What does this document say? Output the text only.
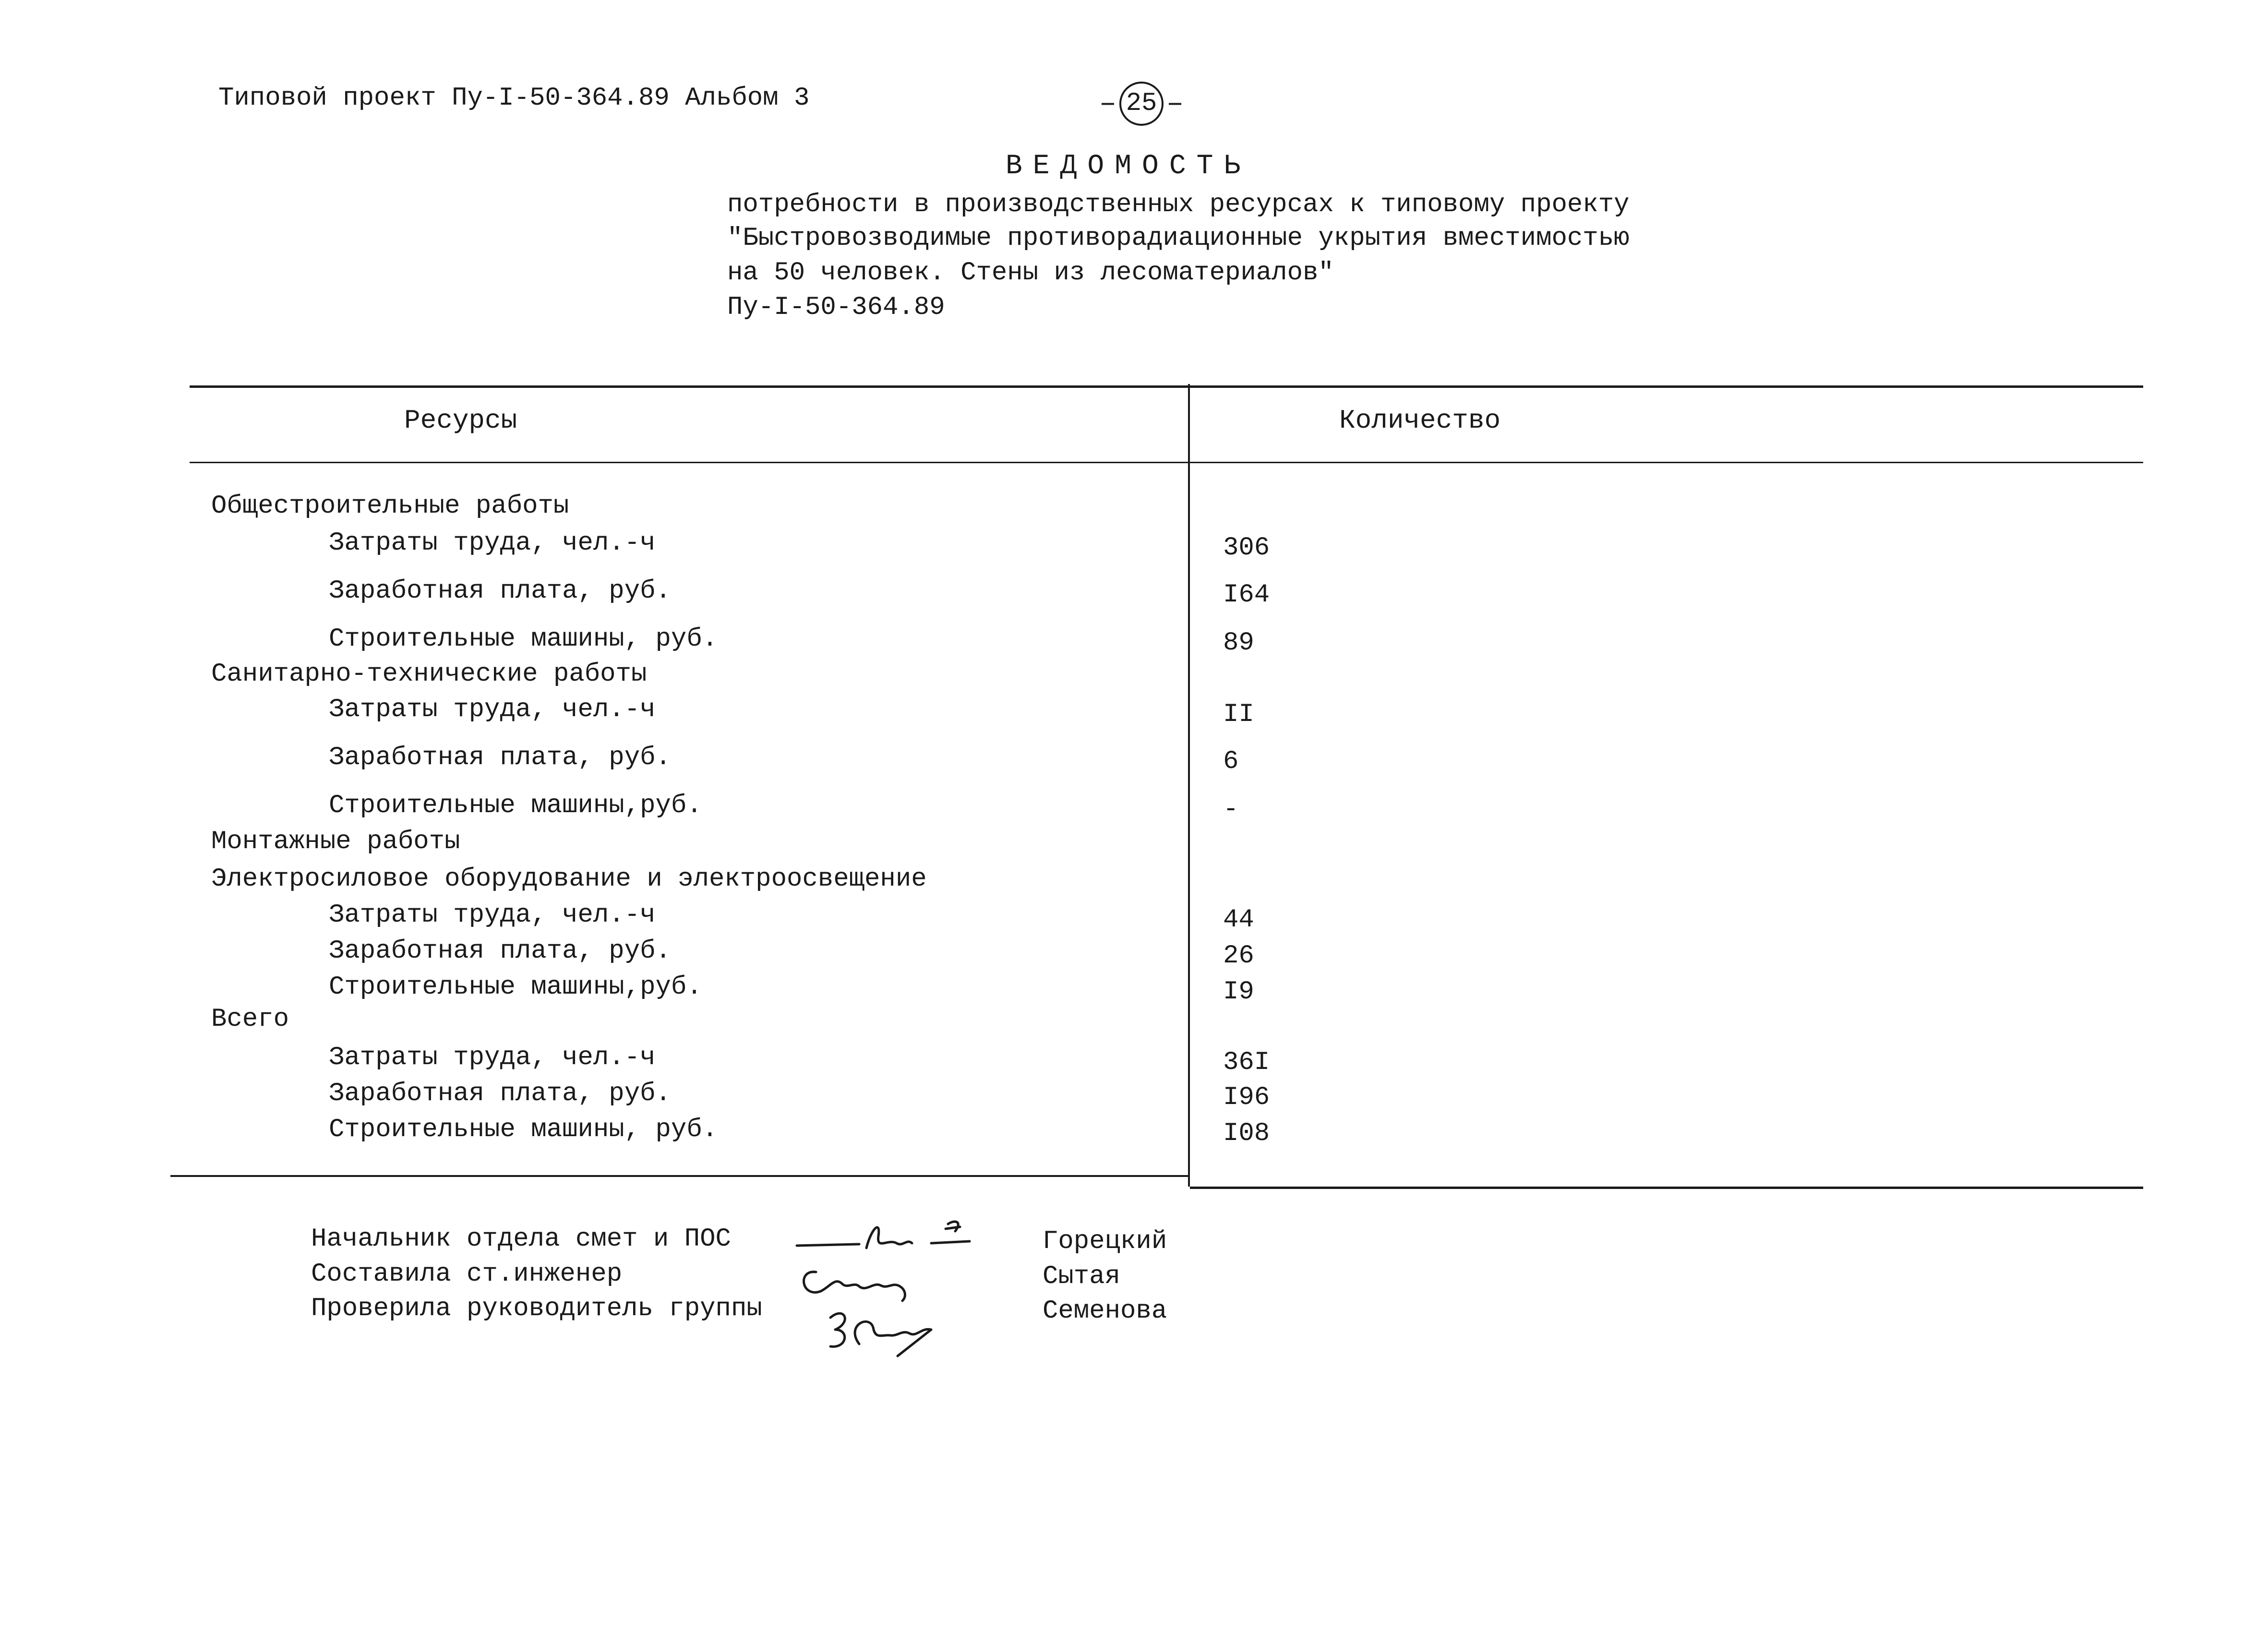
Типовой проект Пу-I-50-364.89 Альбом 3	– 25 –
ВЕДОМОСТЬ
потребности в производственных ресурсах к типовому проекту
"Быстровозводимые противорадиационные укрытия вместимостью
на 50 человек. Стены из лесоматериалов"
Пу-I-50-364.89
Ресурсы	Количество
Общестроительные работы
Затраты труда, чел.-ч	306
Заработная плата, руб.	I64
Строительные машины, руб.	89
Санитарно-технические работы
Затраты труда, чел.-ч	II
Заработная плата, руб.	6
Строительные машины,руб.	-
Монтажные работы
Электросиловое оборудование и электроосвещение
Затраты труда, чел.-ч	44
Заработная плата, руб.	26
Строительные машины,руб.	I9
Всего
Затраты труда, чел.-ч	36I
Заработная плата, руб.	I96
Строительные машины, руб.	I08
Начальник отдела смет и ПОС	Горецкий
Составила ст.инженер	Сытая
Проверила руководитель группы	Семенова
